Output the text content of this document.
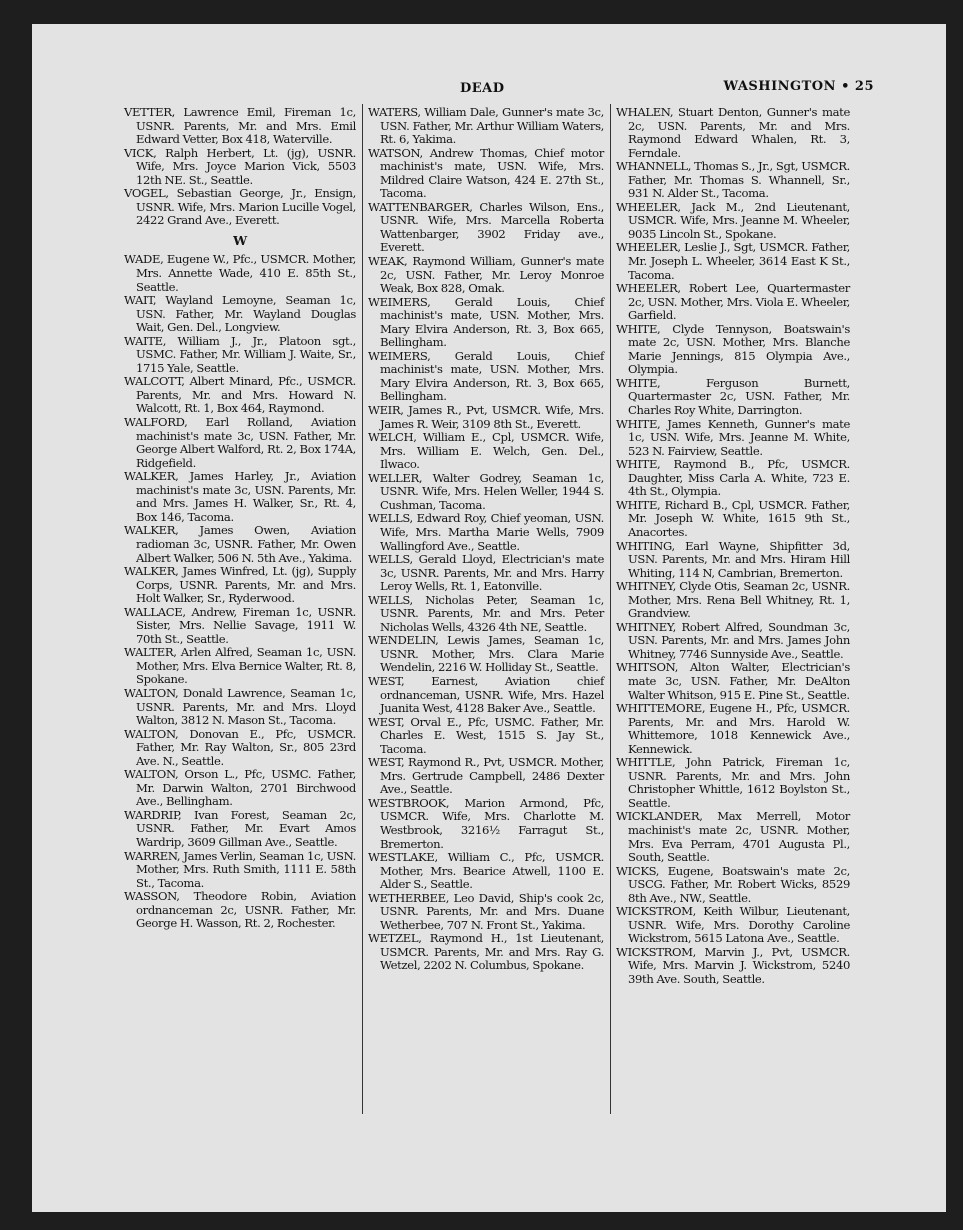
DEAD	WASHINGTON • 25

VETTER, Lawrence Emil, Fireman 1c, USNR. Parents, Mr. and Mrs. Emil Edward Vetter, Box 418, Waterville.

VICK, Ralph Herbert, Lt. (jg), USNR. Wife, Mrs. Joyce Marion Vick, 5503 12th NE. St., Seattle.

VOGEL, Sebastian George, Jr., Ensign, USNR. Wife, Mrs. Marion Lucille Vogel, 2422 Grand Ave., Everett.

W

WADE, Eugene W., Pfc., USMCR. Mother, Mrs. Annette Wade, 410 E. 85th St., Seattle.

WAIT, Wayland Lemoyne, Seaman 1c, USN. Father, Mr. Wayland Douglas Wait, Gen. Del., Longview.

WAITE, William J., Jr., Platoon sgt., USMC. Father, Mr. William J. Waite, Sr., 1715 Yale, Seattle.

WALCOTT, Albert Minard, Pfc., USMCR. Parents, Mr. and Mrs. Howard N. Walcott, Rt. 1, Box 464, Raymond.

WALFORD, Earl Rolland, Aviation machinist's mate 3c, USN. Father, Mr. George Albert Walford, Rt. 2, Box 174A, Ridgefield.

WALKER, James Harley, Jr., Aviation machinist's mate 3c, USN. Parents, Mr. and Mrs. James H. Walker, Sr., Rt. 4, Box 146, Tacoma.

WALKER, James Owen, Aviation radioman 3c, USNR. Father, Mr. Owen Albert Walker, 506 N. 5th Ave., Yakima.

WALKER, James Winfred, Lt. (jg), Supply Corps, USNR. Parents, Mr. and Mrs. Holt Walker, Sr., Ryderwood.

WALLACE, Andrew, Fireman 1c, USNR. Sister, Mrs. Nellie Savage, 1911 W. 70th St., Seattle.

WALTER, Arlen Alfred, Seaman 1c, USN. Mother, Mrs. Elva Bernice Walter, Rt. 8, Spokane.

WALTON, Donald Lawrence, Seaman 1c, USNR. Parents, Mr. and Mrs. Lloyd Walton, 3812 N. Mason St., Tacoma.

WALTON, Donovan E., Pfc, USMCR. Father, Mr. Ray Walton, Sr., 805 23rd Ave. N., Seattle.

WALTON, Orson L., Pfc, USMC. Father, Mr. Darwin Walton, 2701 Birchwood Ave., Bellingham.

WARDRIP, Ivan Forest, Seaman 2c, USNR. Father, Mr. Evart Amos Wardrip, 3609 Gillman Ave., Seattle.

WARREN, James Verlin, Seaman 1c, USN. Mother, Mrs. Ruth Smith, 1111 E. 58th St., Tacoma.

WASSON, Theodore Robin, Aviation ordnanceman 2c, USNR. Father, Mr. George H. Wasson, Rt. 2, Rochester.

WATERS, William Dale, Gunner's mate 3c, USN. Father, Mr. Arthur William Waters, Rt. 6, Yakima.

WATSON, Andrew Thomas, Chief motor machinist's mate, USN. Wife, Mrs. Mildred Claire Watson, 424 E. 27th St., Tacoma.

WATTENBARGER, Charles Wilson, Ens., USNR. Wife, Mrs. Marcella Roberta Wattenbarger, 3902 Friday ave., Everett.

WEAK, Raymond William, Gunner's mate 2c, USN. Father, Mr. Leroy Monroe Weak, Box 828, Omak.

WEIMERS, Gerald Louis, Chief machinist's mate, USN. Mother, Mrs. Mary Elvira Anderson, Rt. 3, Box 665, Bellingham.

WEIMERS, Gerald Louis, Chief machinist's mate, USN. Mother, Mrs. Mary Elvira Anderson, Rt. 3, Box 665, Bellingham.

WEIR, James R., Pvt, USMCR. Wife, Mrs. James R. Weir, 3109 8th St., Everett.

WELCH, William E., Cpl, USMCR. Wife, Mrs. William E. Welch, Gen. Del., Ilwaco.

WELLER, Walter Godrey, Seaman 1c, USNR. Wife, Mrs. Helen Weller, 1944 S. Cushman, Tacoma.

WELLS, Edward Roy, Chief yeoman, USN. Wife, Mrs. Martha Marie Wells, 7909 Wallingford Ave., Seattle.

WELLS, Gerald Lloyd, Electrician's mate 3c, USNR. Parents, Mr. and Mrs. Harry Leroy Wells, Rt. 1, Eatonville.

WELLS, Nicholas Peter, Seaman 1c, USNR. Parents, Mr. and Mrs. Peter Nicholas Wells, 4326 4th NE, Seattle.

WENDELIN, Lewis James, Seaman 1c, USNR. Mother, Mrs. Clara Marie Wendelin, 2216 W. Holliday St., Seattle.

WEST, Earnest, Aviation chief ordnanceman, USNR. Wife, Mrs. Hazel Juanita West, 4128 Baker Ave., Seattle.

WEST, Orval E., Pfc, USMC. Father, Mr. Charles E. West, 1515 S. Jay St., Tacoma.

WEST, Raymond R., Pvt, USMCR. Mother, Mrs. Gertrude Campbell, 2486 Dexter Ave., Seattle.

WESTBROOK, Marion Armond, Pfc, USMCR. Wife, Mrs. Charlotte M. Westbrook, 3216½ Farragut St., Bremerton.

WESTLAKE, William C., Pfc, USMCR. Mother, Mrs. Bearice Atwell, 1100 E. Alder S., Seattle.

WETHERBEE, Leo David, Ship's cook 2c, USNR. Parents, Mr. and Mrs. Duane Wetherbee, 707 N. Front St., Yakima.

WETZEL, Raymond H., 1st Lieutenant, USMCR. Parents, Mr. and Mrs. Ray G. Wetzel, 2202 N. Columbus, Spokane.

WHALEN, Stuart Denton, Gunner's mate 2c, USN. Parents, Mr. and Mrs. Raymond Edward Whalen, Rt. 3, Ferndale.

WHANNELL, Thomas S., Jr., Sgt, USMCR. Father, Mr. Thomas S. Whannell, Sr., 931 N. Alder St., Tacoma.

WHEELER, Jack M., 2nd Lieutenant, USMCR. Wife, Mrs. Jeanne M. Wheeler, 9035 Lincoln St., Spokane.

WHEELER, Leslie J., Sgt, USMCR. Father, Mr. Joseph L. Wheeler, 3614 East K St., Tacoma.

WHEELER, Robert Lee, Quartermaster 2c, USN. Mother, Mrs. Viola E. Wheeler, Garfield.

WHITE, Clyde Tennyson, Boatswain's mate 2c, USN. Mother, Mrs. Blanche Marie Jennings, 815 Olympia Ave., Olympia.

WHITE, Ferguson Burnett, Quartermaster 2c, USN. Father, Mr. Charles Roy White, Darrington.

WHITE, James Kenneth, Gunner's mate 1c, USN. Wife, Mrs. Jeanne M. White, 523 N. Fairview, Seattle.

WHITE, Raymond B., Pfc, USMCR. Daughter, Miss Carla A. White, 723 E. 4th St., Olympia.

WHITE, Richard B., Cpl, USMCR. Father, Mr. Joseph W. White, 1615 9th St., Anacortes.

WHITING, Earl Wayne, Shipfitter 3d, USN. Parents, Mr. and Mrs. Hiram Hill Whiting, 114 N, Cambrian, Bremerton.

WHITNEY, Clyde Otis, Seaman 2c, USNR. Mother, Mrs. Rena Bell Whitney, Rt. 1, Grandview.

WHITNEY, Robert Alfred, Soundman 3c, USN. Parents, Mr. and Mrs. James John Whitney, 7746 Sunnyside Ave., Seattle.

WHITSON, Alton Walter, Electrician's mate 3c, USN. Father, Mr. DeAlton Walter Whitson, 915 E. Pine St., Seattle.

WHITTEMORE, Eugene H., Pfc, USMCR. Parents, Mr. and Mrs. Harold W. Whittemore, 1018 Kennewick Ave., Kennewick.

WHITTLE, John Patrick, Fireman 1c, USNR. Parents, Mr. and Mrs. John Christopher Whittle, 1612 Boylston St., Seattle.

WICKLANDER, Max Merrell, Motor machinist's mate 2c, USNR. Mother, Mrs. Eva Perram, 4701 Augusta Pl., South, Seattle.

WICKS, Eugene, Boatswain's mate 2c, USCG. Father, Mr. Robert Wicks, 8529 8th Ave., NW., Seattle.

WICKSTROM, Keith Wilbur, Lieutenant, USNR. Wife, Mrs. Dorothy Caroline Wickstrom, 5615 Latona Ave., Seattle.

WICKSTROM, Marvin J., Pvt, USMCR. Wife, Mrs. Marvin J. Wickstrom, 5240 39th Ave. South, Seattle.
